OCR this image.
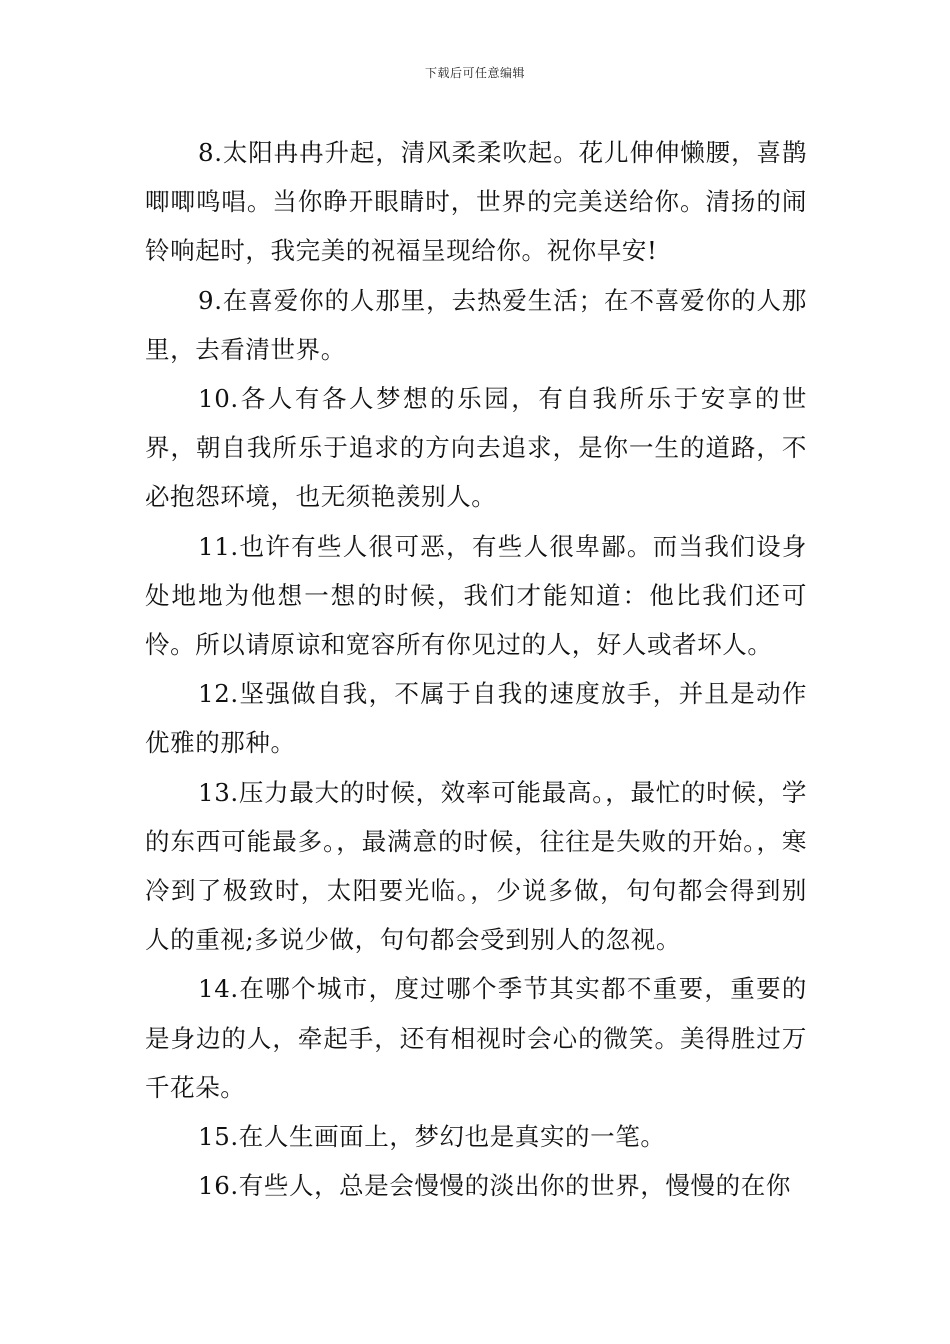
下载后可任意编辑

8.太阳冉冉升起，清风柔柔吹起。花儿伸伸懒腰，喜鹊唧唧鸣唱。当你睁开眼睛时，世界的完美送给你。清扬的闹铃响起时，我完美的祝福呈现给你。祝你早安!

9.在喜爱你的人那里，去热爱生活；在不喜爱你的人那里，去看清世界。

10.各人有各人梦想的乐园，有自我所乐于安享的世界，朝自我所乐于追求的方向去追求，是你一生的道路，不必抱怨环境，也无须艳羡别人。

11.也许有些人很可恶，有些人很卑鄙。而当我们设身处地地为他想一想的时候，我们才能知道：他比我们还可怜。所以请原谅和宽容所有你见过的人，好人或者坏人。

12.坚强做自我，不属于自我的速度放手，并且是动作优雅的那种。

13.压力最大的时候，效率可能最高。，最忙的时候，学的东西可能最多。，最满意的时候，往往是失败的开始。，寒冷到了极致时，太阳要光临。，少说多做，句句都会得到别人的重视;多说少做，句句都会受到别人的忽视。

14.在哪个城市，度过哪个季节其实都不重要，重要的是身边的人，牵起手，还有相视时会心的微笑。美得胜过万千花朵。

15.在人生画面上，梦幻也是真实的一笔。

16.有些人，总是会慢慢的淡出你的世界，慢慢的在你
